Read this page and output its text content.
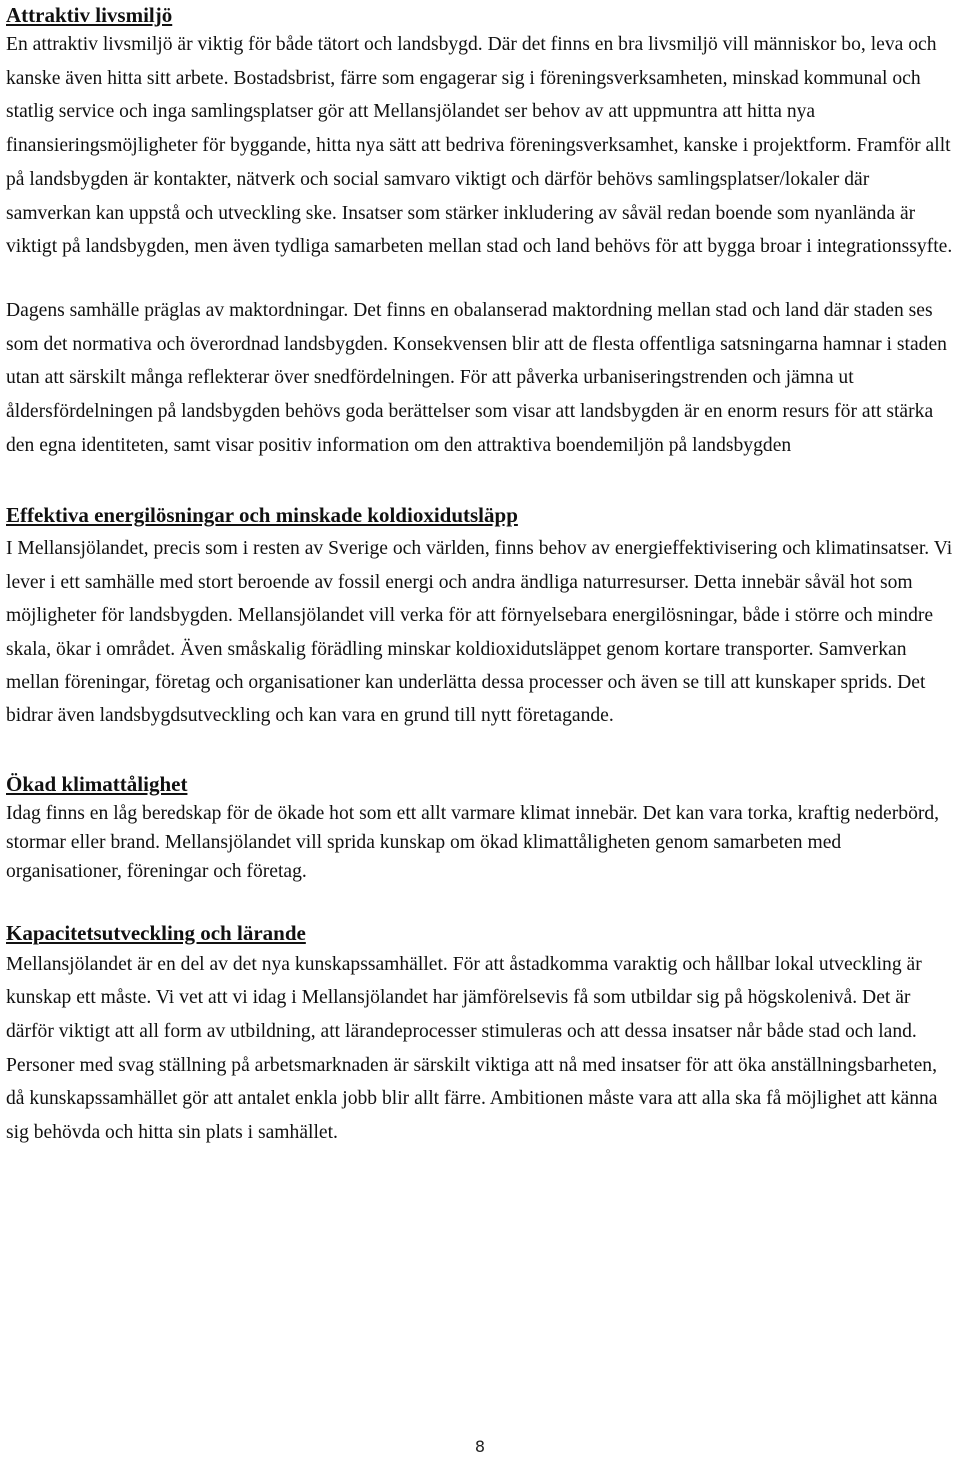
Attraktiv livsmiljö

En attraktiv livsmiljö är viktig för både tätort och landsbygd. Där det finns en bra livsmiljö vill människor bo, leva och kanske även hitta sitt arbete. Bostadsbrist, färre som engagerar sig i föreningsverksamheten, minskad kommunal och statlig service och inga samlingsplatser gör att Mellansjölandet ser behov av att uppmuntra att hitta nya finansieringsmöjligheter för byggande, hitta nya sätt att bedriva föreningsverksamhet, kanske i projektform. Framför allt på landsbygden är kontakter, nätverk och social samvaro viktigt och därför behövs samlingsplatser/lokaler där samverkan kan uppstå och utveckling ske. Insatser som stärker inkludering av såväl redan boende som nyanlända är viktigt på landsbygden, men även tydliga samarbeten mellan stad och land behövs för att bygga broar i integrationssyfte.

Dagens samhälle präglas av maktordningar. Det finns en obalanserad maktordning mellan stad och land där staden ses som det normativa och överordnad landsbygden. Konsekvensen blir att de flesta offentliga satsningarna hamnar i staden utan att särskilt många reflekterar över snedfördelningen. För att påverka urbaniseringstrenden och jämna ut åldersfördelningen på landsbygden behövs goda berättelser som visar att landsbygden är en enorm resurs för att stärka den egna identiteten, samt visar positiv information om den attraktiva boendemiljön på landsbygden

Effektiva energilösningar och minskade koldioxidutsläpp

I Mellansjölandet, precis som i resten av Sverige och världen, finns behov av energieffektivisering och klimatinsatser. Vi lever i ett samhälle med stort beroende av fossil energi och andra ändliga naturresurser. Detta innebär såväl hot som möjligheter för landsbygden. Mellansjölandet vill verka för att förnyelsebara energilösningar, både i större och mindre skala, ökar i området. Även småskalig förädling minskar koldioxidutsläppet genom kortare transporter. Samverkan mellan föreningar, företag och organisationer kan underlätta dessa processer och även se till att kunskaper sprids. Det bidrar även landsbygdsutveckling och kan vara en grund till nytt företagande.

Ökad klimattålighet

Idag finns en låg beredskap för de ökade hot som ett allt varmare klimat innebär. Det kan vara torka, kraftig nederbörd, stormar eller brand. Mellansjölandet vill sprida kunskap om ökad klimattåligheten genom samarbeten med organisationer, föreningar och företag.

Kapacitetsutveckling och lärande

Mellansjölandet är en del av det nya kunskapssamhället. För att åstadkomma varaktig och hållbar lokal utveckling är kunskap ett måste. Vi vet att vi idag i Mellansjölandet har jämförelsevis få som utbildar sig på högskolenivå. Det är därför viktigt att all form av utbildning, att lärandeprocesser stimuleras och att dessa insatser når både stad och land. Personer med svag ställning på arbetsmarknaden är särskilt viktiga att nå med insatser för att öka anställningsbarheten, då kunskapssamhället gör att antalet enkla jobb blir allt färre. Ambitionen måste vara att alla ska få möjlighet att känna sig behövda och hitta sin plats i samhället.

8
